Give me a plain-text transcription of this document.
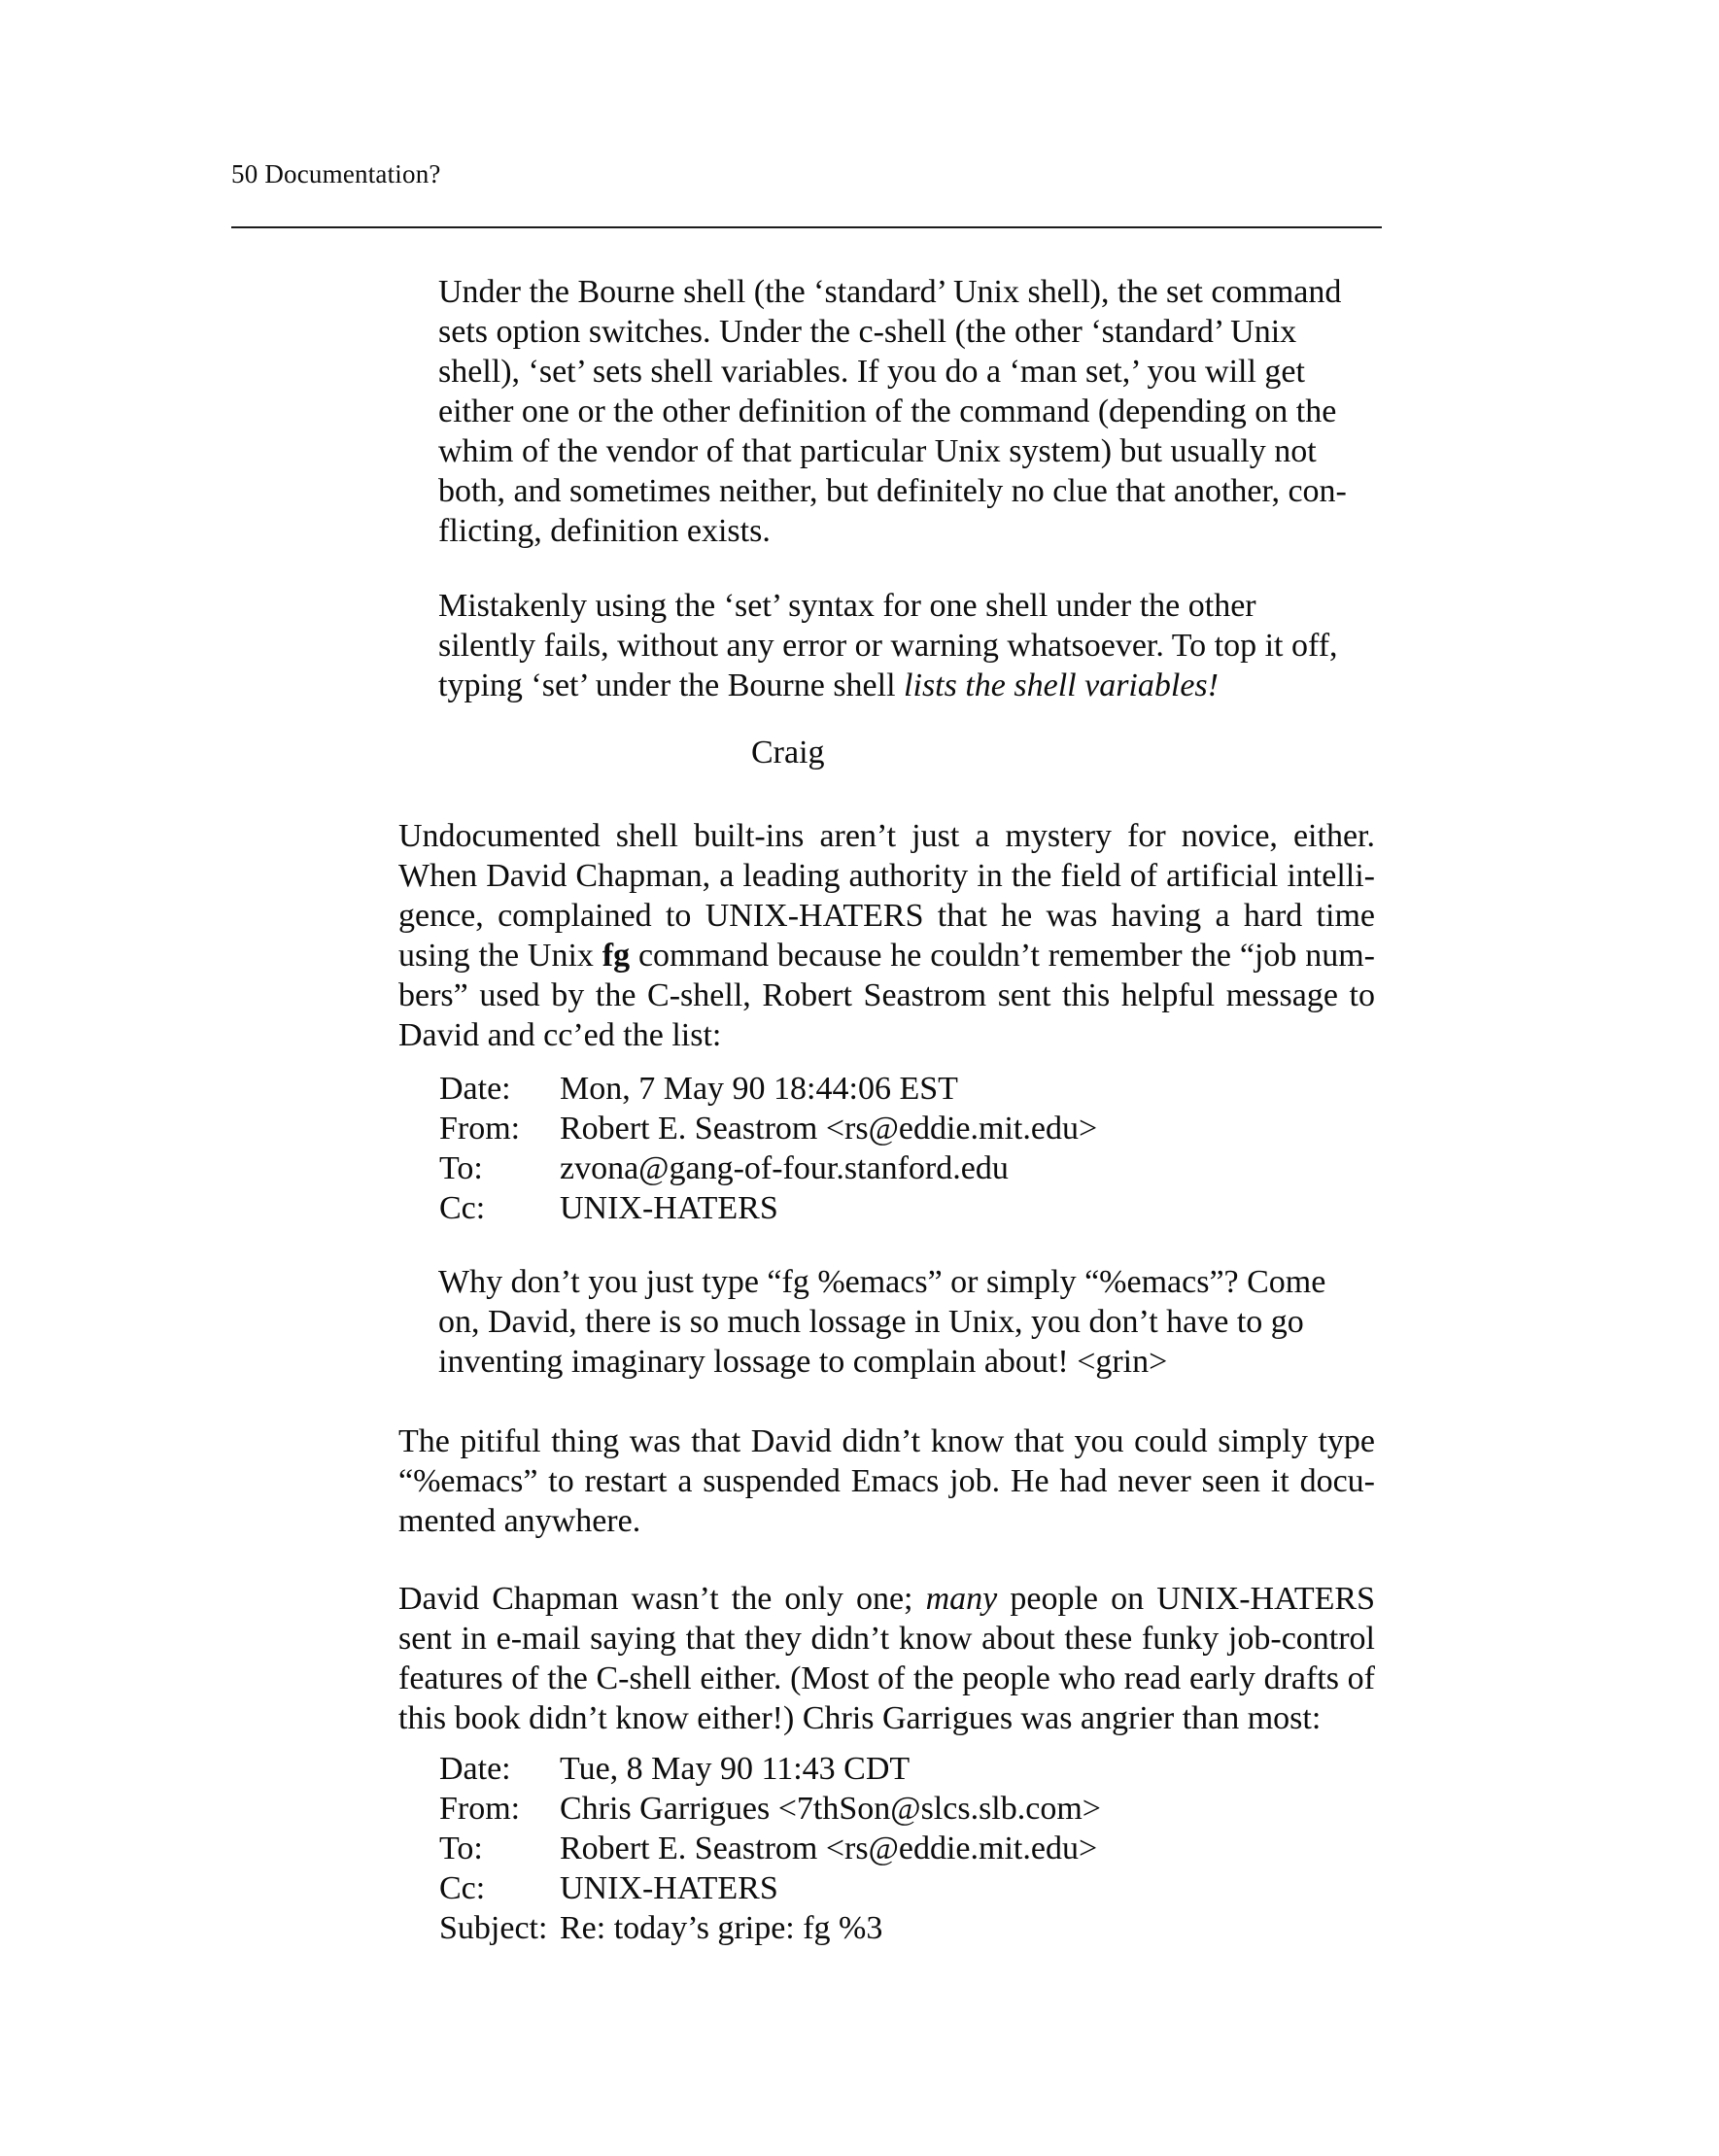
50 Documentation?
Under the Bourne shell (the ‘standard’ Unix shell), the set command
sets option switches. Under the c-shell (the other ‘standard’ Unix
shell), ‘set’ sets shell variables. If you do a ‘man set,’ you will get
either one or the other definition of the command (depending on the
whim of the vendor of that particular Unix system) but usually not
both, and sometimes neither, but definitely no clue that another, con-
flicting, definition exists.
Mistakenly using the ‘set’ syntax for one shell under the other
silently fails, without any error or warning whatsoever. To top it off,
typing ‘set’ under the Bourne shell lists the shell variables!
Craig
Undocumented shell built-ins aren’t just a mystery for novice, either.
When David Chapman, a leading authority in the field of artificial intelli-
gence, complained to UNIX-HATERS that he was having a hard time
using the Unix fg command because he couldn’t remember the “job num-
bers” used by the C-shell, Robert Seastrom sent this helpful message to
David and cc’ed the list:
Date: Mon, 7 May 90 18:44:06 EST
From: Robert E. Seastrom <rs@eddie.mit.edu>
To: zvona@gang-of-four.stanford.edu
Cc: UNIX-HATERS
Why don’t you just type “fg %emacs” or simply “%emacs”? Come
on, David, there is so much lossage in Unix, you don’t have to go
inventing imaginary lossage to complain about! <grin>
The pitiful thing was that David didn’t know that you could simply type
“%emacs” to restart a suspended Emacs job. He had never seen it docu-
mented anywhere.
David Chapman wasn’t the only one; many people on UNIX-HATERS
sent in e-mail saying that they didn’t know about these funky job-control
features of the C-shell either. (Most of the people who read early drafts of
this book didn’t know either!) Chris Garrigues was angrier than most:
Date: Tue, 8 May 90 11:43 CDT
From: Chris Garrigues <7thSon@slcs.slb.com>
To: Robert E. Seastrom <rs@eddie.mit.edu>
Cc: UNIX-HATERS
Subject: Re: today’s gripe: fg %3
